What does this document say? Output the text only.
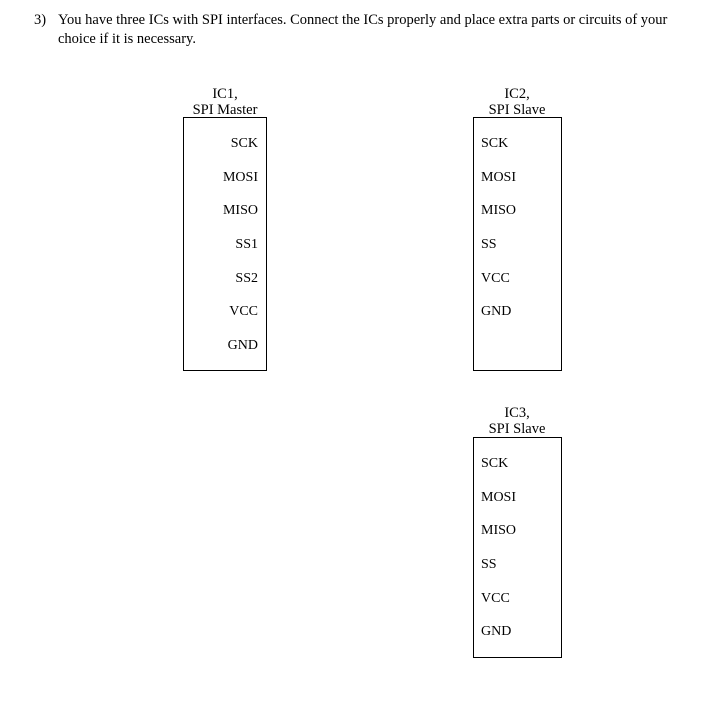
3) You have three ICs with SPI interfaces. Connect the ICs properly and place extra parts or circuits of your choice if it is necessary.
IC1,
SPI Master
SCK
MOSI
MISO
SS1
SS2
VCC
GND
IC2,
SPI Slave
SCK
MOSI
MISO
SS
VCC
GND
IC3,
SPI Slave
SCK
MOSI
MISO
SS
VCC
GND
